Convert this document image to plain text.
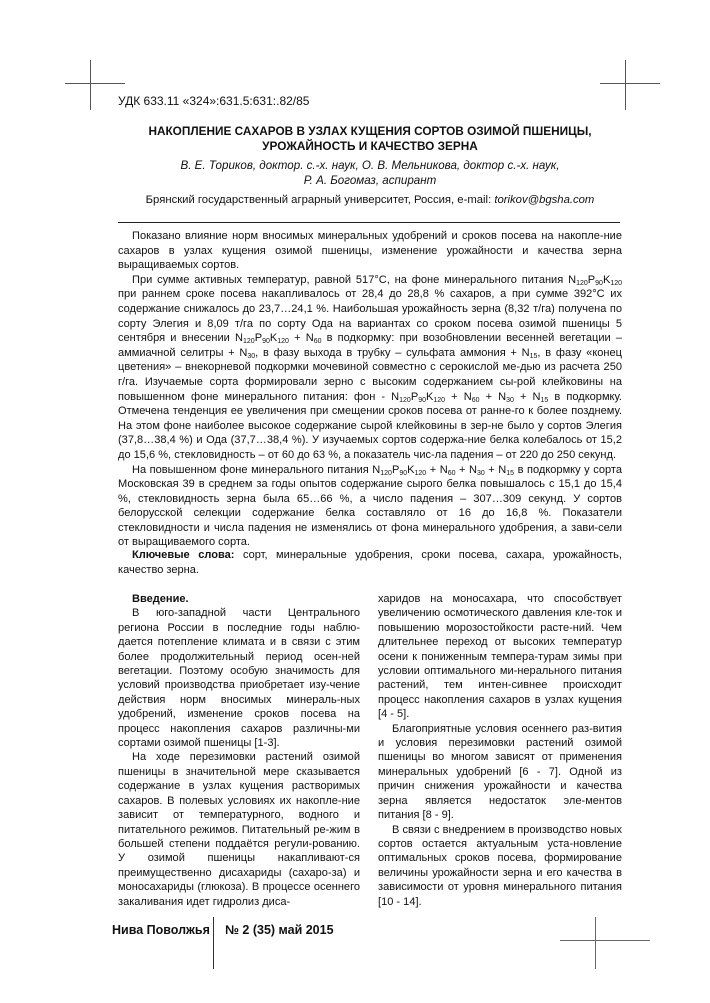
УДК 633.11 «324»:631.5:631:.82/85
НАКОПЛЕНИЕ САХАРОВ В УЗЛАХ КУЩЕНИЯ СОРТОВ ОЗИМОЙ ПШЕНИЦЫ,
УРОЖАЙНОСТЬ И КАЧЕСТВО ЗЕРНА
В. Е. Ториков, доктор. с.-х. наук, О. В. Мельникова, доктор с.-х. наук,
Р. А. Богомаз, аспирант
Брянский государственный аграрный университет, Россия, e-mail: torikov@bgsha.com

Показано влияние норм вносимых минеральных удобрений и сроков посева на накопле-ние сахаров в узлах кущения озимой пшеницы, изменение урожайности и качества зерна выращиваемых сортов.

При сумме активных температур, равной 517°С, на фоне минерального питания $N_{120}P_{90}K_{120}$ при раннем сроке посева накапливалось от 28,4 до 28,8 % сахаров, а при сумме 392°С их содержание снижалось до 23,7…24,1 %. Наибольшая урожайность зерна (8,32 т/га) получена по сорту Элегия и 8,09 т/га по сорту Ода на вариантах со сроком посева озимой пшеницы 5 сентября и внесении $N_{120}P_{90}K_{120} + N_{60}$ в подкормку: при возобновлении весенней вегетации – аммиачной селитры + $N_{30}$, в фазу выхода в трубку – сульфата аммония + $N_{15}$, в фазу «конец цветения» – внекорневой подкормки мочевиной совместно с серокислой ме-дью из расчета 250 г/га. Изучаемые сорта формировали зерно с высоким содержанием сы-рой клейковины на повышенном фоне минерального питания: фон - $N_{120}P_{90}K_{120} + N_{60} + N_{30} + N_{15}$ в подкормку. Отмечена тенденция ее увеличения при смещении сроков посева от ранне-го к более позднему. На этом фоне наиболее высокое содержание сырой клейковины в зер-не было у сортов Элегия (37,8…38,4 %) и Ода (37,7…38,4 %). У изучаемых сортов содержа-ние белка колебалось от 15,2 до 15,6 %, стекловидность – от 60 до 63 %, а показатель чис-ла падения – от 220 до 250 секунд.

На повышенном фоне минерального питания $N_{120}P_{90}K_{120} + N_{60} + N_{30} + N_{15}$ в подкормку у сорта Московская 39 в среднем за годы опытов содержание сырого белка повышалось с 15,1 до 15,4 %, стекловидность зерна была 65…66 %, а число падения – 307…309 секунд. У сортов белорусской селекции содержание белка составляло от 16 до 16,8 %. Показатели стекловидности и числа падения не изменялись от фона минерального удобрения, а зави-сели от выращиваемого сорта.

Ключевые слова: сорт, минеральные удобрения, сроки посева, сахара, урожайность, качество зерна.

Введение.

В юго-западной части Центрального региона России в последние годы наблю-дается потепление климата и в связи с этим более продолжительный период осен-ней вегетации. Поэтому особую значимость для условий производства приобретает изу-чение действия норм вносимых минераль-ных удобрений, изменение сроков посева на процесс накопления сахаров различны-ми сортами озимой пшеницы [1-3].

На ходе перезимовки растений озимой пшеницы в значительной мере сказывается содержание в узлах кущения растворимых сахаров. В полевых условиях их накопле-ние зависит от температурного, водного и питательного режимов. Питательный ре-жим в большей степени поддаётся регули-рованию. У озимой пшеницы накапливают-ся преимущественно дисахариды (сахаро-за) и моносахариды (глюкоза). В процессе осеннего закаливания идет гидролиз диса-

харидов на моносахара, что способствует увеличению осмотического давления кле-ток и повышению морозостойкости расте-ний. Чем длительнее переход от высоких температур осени к пониженным темпера-турам зимы при условии оптимального ми-нерального питания растений, тем интен-сивнее происходит процесс накопления сахаров в узлах кущения [4 - 5].

Благоприятные условия осеннего раз-вития и условия перезимовки растений озимой пшеницы во многом зависят от применения минеральных удобрений [6 - 7]. Одной из причин снижения урожайности и качества зерна является недостаток эле-ментов питания [8 - 9].

В связи с внедрением в производство новых сортов остается актуальным уста-новление оптимальных сроков посева, формирование величины урожайности зерна и его качества в зависимости от уровня минерального питания [10 - 14].

Нива Поволжья № 2 (35) май 2015
